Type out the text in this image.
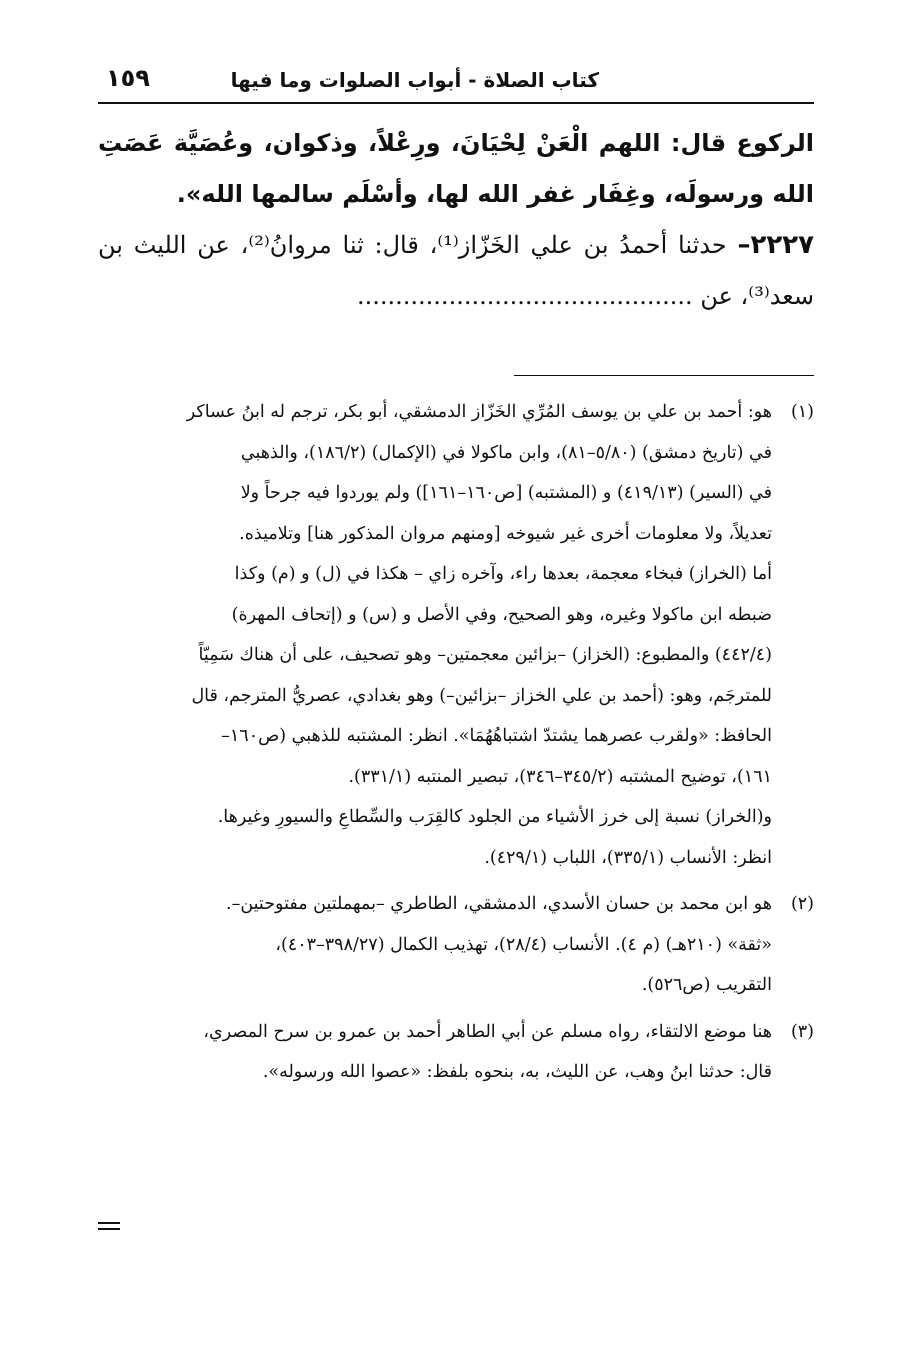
كتاب الصلاة - أبواب الصلوات وما فيها
١٥٩

الركوع قال: اللهم الْعَنْ لِحْيَانَ، ورِعْلاً، وذكوان، وعُصَيَّة عَصَتِ الله ورسولَه، وغِفَار غفر الله لها، وأسْلَم سالمها الله».

٢٢٢٧– حدثنا أحمدُ بن علي الخَزّاز⁽¹⁾، قال: ثنا مروانُ⁽²⁾، عن الليث بن سعد⁽³⁾، عن ............................................

(١)هو: أحمد بن علي بن يوسف المُرِّي الخَزّاز الدمشقي، أبو بكر، ترجم له ابنُ عساكر
في (تاريخ دمشق) (٥/٨٠–٨١)، وابن ماكولا في (الإكمال) (١٨٦/٢)، والذهبي
في (السير) (٤١٩/١٣) و (المشتبه) [ص١٦٠–١٦١]) ولم يوردوا فيه جرحاً ولا
تعديلاً، ولا معلومات أخرى غير شيوخه [ومنهم مروان المذكور هنا] وتلاميذه.
أما (الخراز) فبخاء معجمة، بعدها راء، وآخره زاي – هكذا في (ل) و (م) وكذا
ضبطه ابن ماكولا وغيره، وهو الصحيح، وفي الأصل و (س) و (إتحاف المهرة)
(٤٤٢/٤) والمطبوع: (الخزاز) –بزائين معجمتين– وهو تصحيف، على أن هناك سَمِيّاً
للمترجَم، وهو: (أحمد بن علي الخزاز –بزائين–) وهو بغدادي، عصريُّ المترجم، قال
الحافظ: «ولقرب عصرهما يشتدّ اشتباهُهُمَا». انظر: المشتبه للذهبي (ص١٦٠–
١٦١)، توضيح المشتبه (٣٤٥/٢–٣٤٦)، تبصير المنتبه (٣٣١/١).
و(الخراز) نسبة إلى خرز الأشياء من الجلود كالقِرَب والسِّطاعِ والسيورِ وغيرها.
انظر: الأنساب (٣٣٥/١)، اللباب (٤٢٩/١).
(٢)هو ابن محمد بن حسان الأسدي، الدمشقي، الطاطري –بمهملتين مفتوحتين–.
«ثقة» (٢١٠هـ) (م ٤). الأنساب (٢٨/٤)، تهذيب الكمال (٣٩٨/٢٧–٤٠٣)،
التقريب (ص٥٢٦).
(٣)هنا موضع الالتقاء، رواه مسلم عن أبي الطاهر أحمد بن عمرو بن سرح المصري،
قال: حدثنا ابنُ وهب، عن الليث، به، بنحوه بلفظ: «عصوا الله ورسوله».
